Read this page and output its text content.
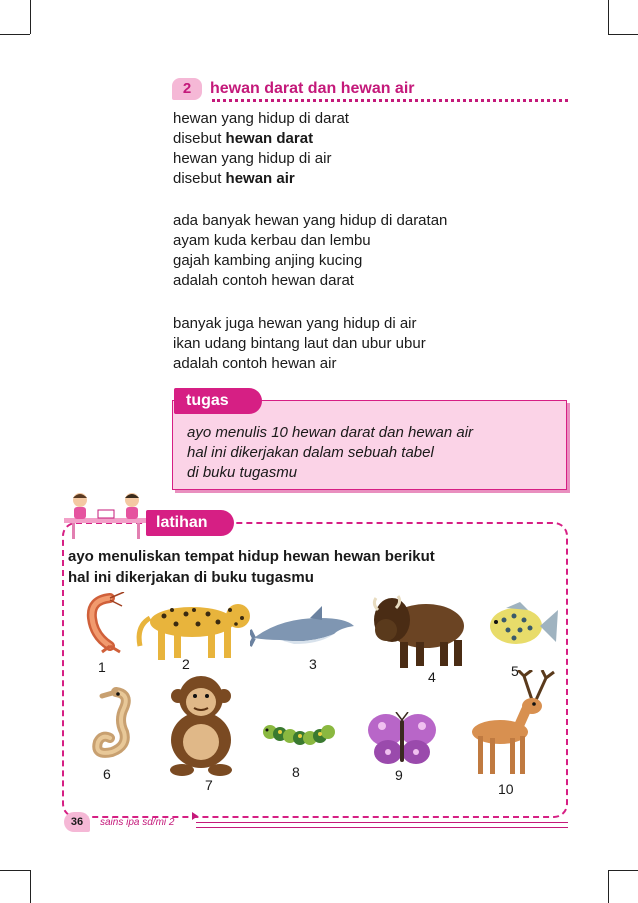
2	hewan darat dan hewan air
hewan yang hidup di darat
disebut hewan darat
hewan yang hidup di air
disebut hewan air
ada banyak hewan yang hidup di daratan
ayam kuda kerbau dan lembu
gajah kambing anjing kucing
adalah contoh hewan darat
banyak juga hewan yang hidup di air
ikan udang bintang laut dan ubur ubur
adalah contoh hewan air
ayo menulis 10 hewan darat dan hewan air
hal ini dikerjakan dalam sebuah tabel
di buku tugasmu
tugas
latihan
ayo menuliskan tempat hidup hewan hewan berikut
hal ini dikerjakan di buku tugasmu
1	2	3
4	5
6
7
8	9
10
36	sains ipa sd/mi 2
